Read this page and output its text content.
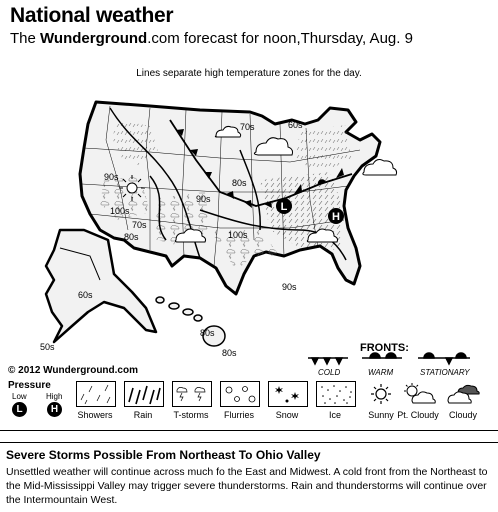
National weather
The Wunderground.com forecast for noon,Thursday, Aug. 9
Lines separate high temperature zones for the day.
60s
70s
80s
90s
100s
90s
80s	100s
90s
80s
60s
50s
80s
70s
L
H
© 2012 Wunderground.com
FRONTS:
COLD	WARM	STATIONARY
Pressure
Low High
L	H	Showers	Rain	T-storms	Flurries	Snow	Ice	Sunny Pt. Cloudy	Cloudy
Severe Storms Possible From Northeast To Ohio Valley
Unsettled weather will continue across much fo the East and Midwest. A cold front from the Northeast to the Mid-Mississippi Valley may trigger severe thunderstorms. Rain and thunderstorms will continue over the Intermountain West.
